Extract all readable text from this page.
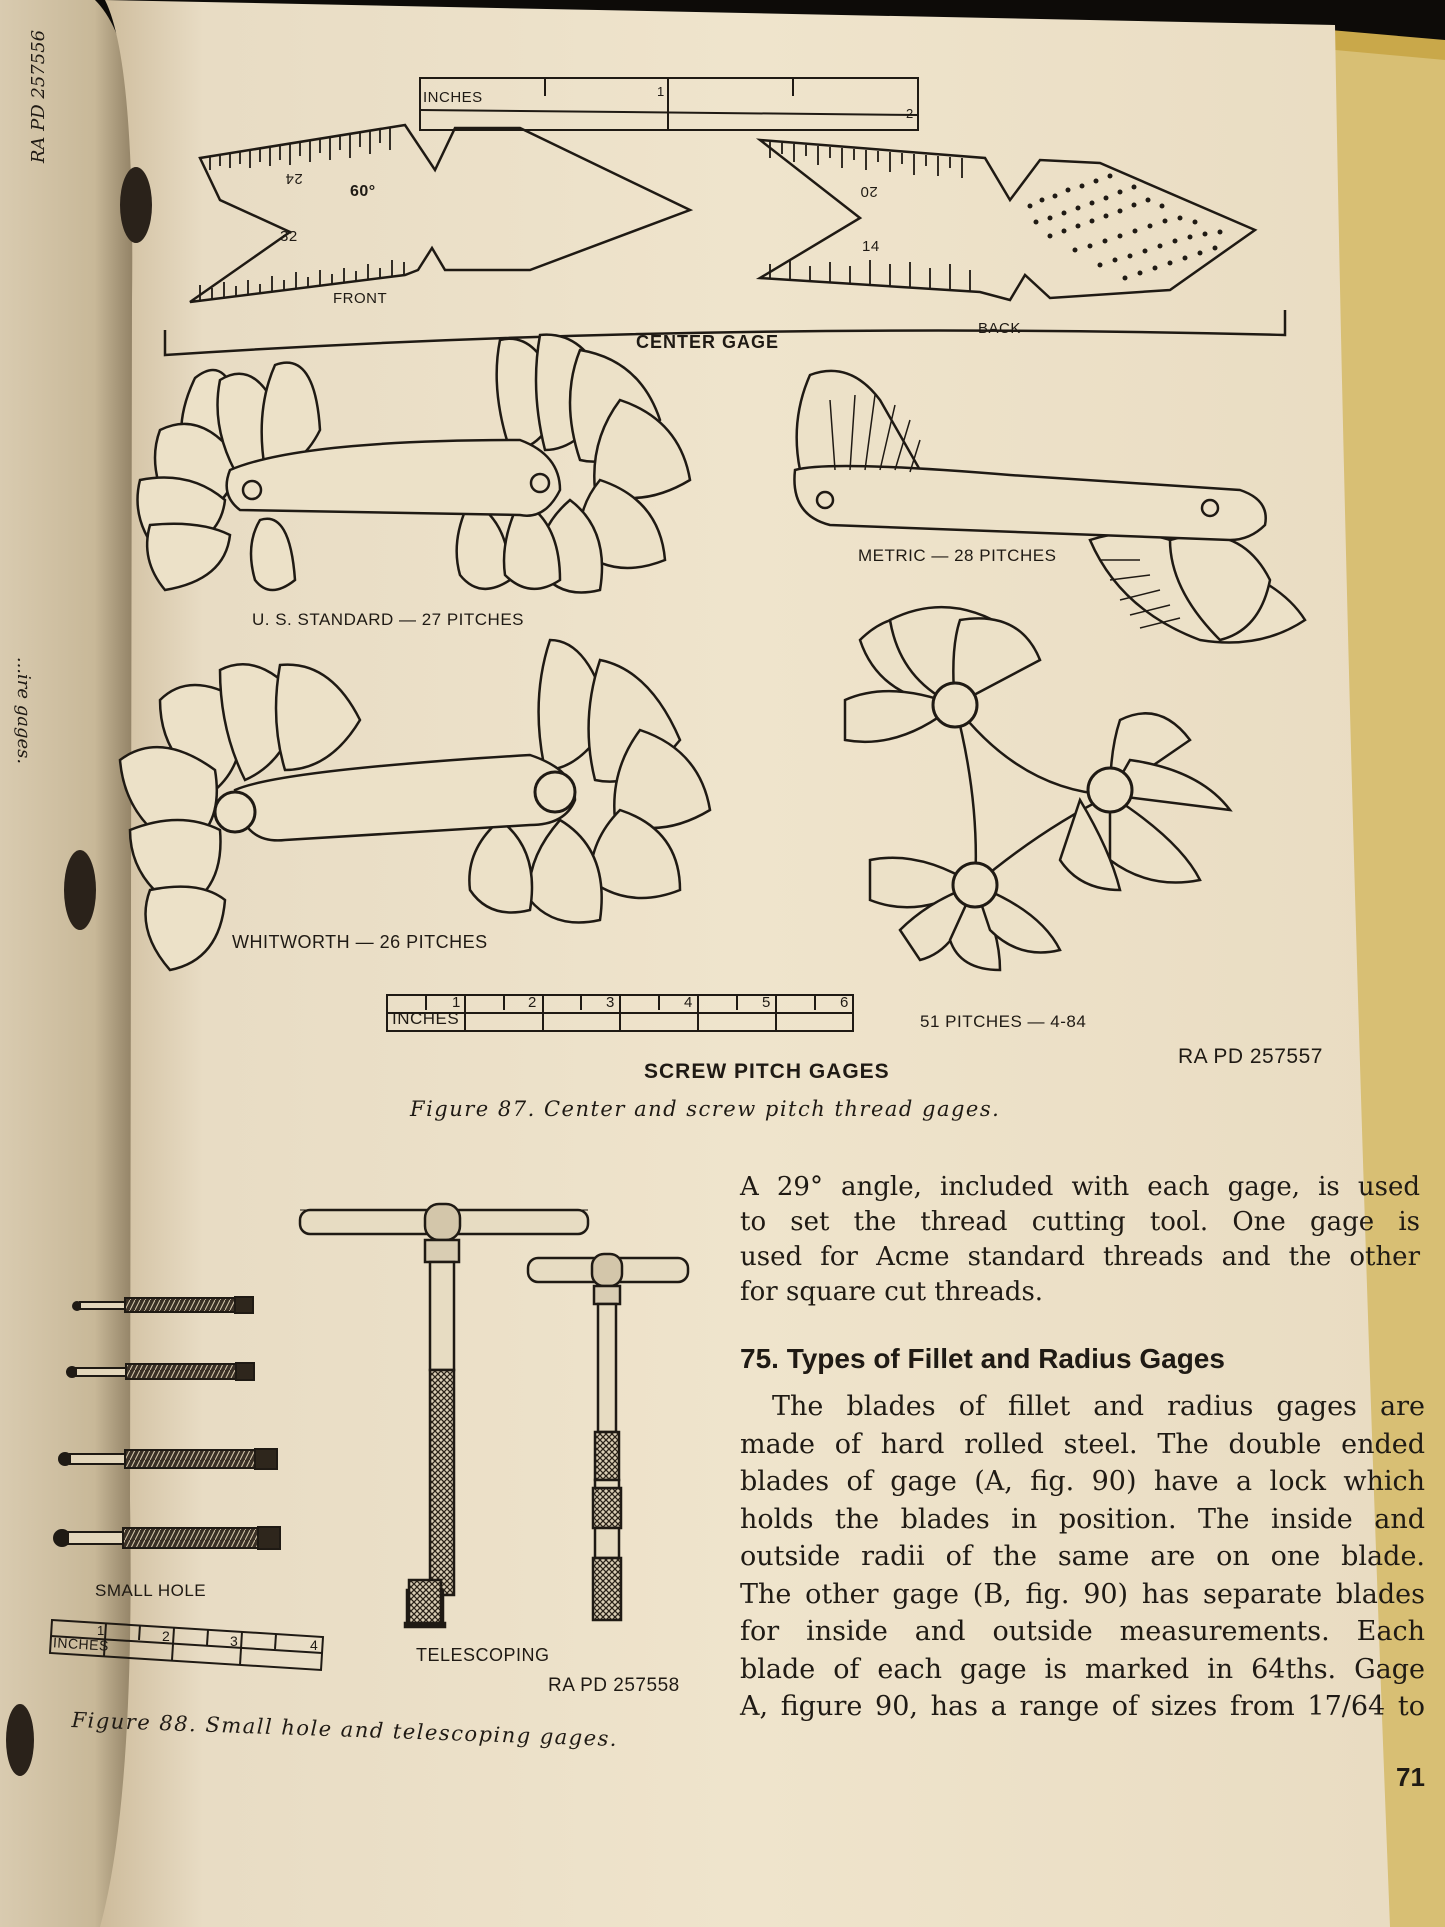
RA PD 257556
...ire gages.
INCHES	1
2
60°
24
32
FRONT
20
14
BACK
CENTER GAGE
U. S. STANDARD — 27 PITCHES
METRIC — 28 PITCHES
WHITWORTH — 26 PITCHES
51 PITCHES — 4-84
INCHES
1	2	3	4	5	6
SCREW PITCH GAGES
RA PD 257557
Figure 87. Center and screw pitch thread gages.
SMALL HOLE
INCHES
1	2	3	4	TELESCOPING
RA PD 257558
Figure 88. Small hole and telescoping gages.
A 29° angle, included with each gage, is used
to set the thread cutting tool. One gage is
used for Acme standard threads and the other
for square cut threads.
75. Types of Fillet and Radius Gages
The blades of fillet and radius gages are
made of hard rolled steel. The double ended
blades of gage (A, fig. 90) have a lock which
holds the blades in position. The inside and
outside radii of the same are on one blade.
The other gage (B, fig. 90) has separate blades
for inside and outside measurements. Each
blade of each gage is marked in 64ths. Gage
A, figure 90, has a range of sizes from 17/64 to
71
